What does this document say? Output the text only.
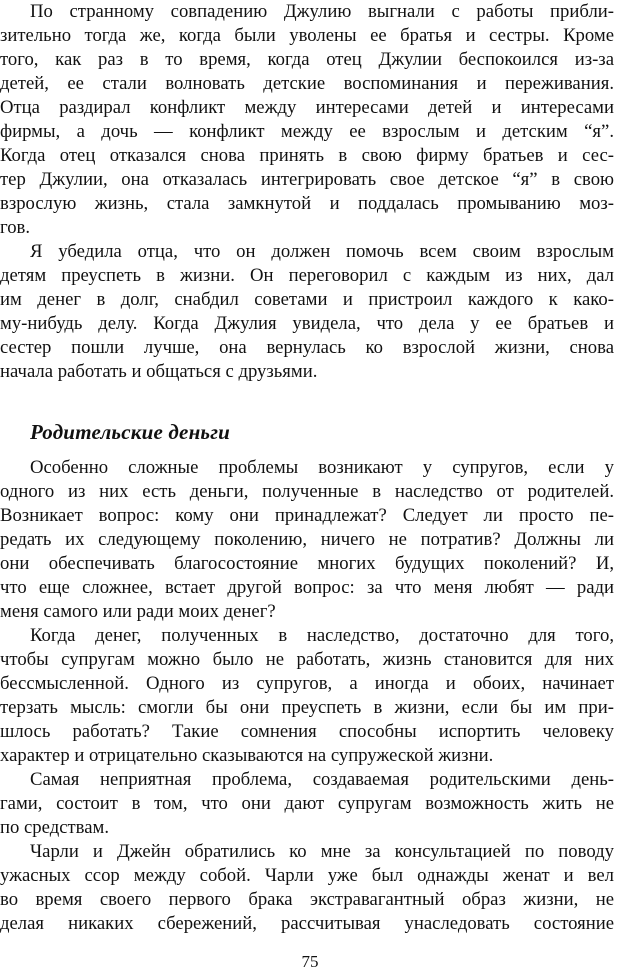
По странному совпадению Джулию выгнали с работы прибли-
зительно тогда же, когда были уволены ее братья и сестры. Кроме
того, как раз в то время, когда отец Джулии беспокоился из-за
детей, ее стали волновать детские воспоминания и переживания.
Отца раздирал конфликт между интересами детей и интересами
фирмы, а дочь — конфликт между ее взрослым и детским “я”.
Когда отец отказался снова принять в свою фирму братьев и сес-
тер Джулии, она отказалась интегрировать свое детское “я” в свою
взрослую жизнь, стала замкнутой и поддалась промыванию моз-
гов.
Я убедила отца, что он должен помочь всем своим взрослым
детям преуспеть в жизни. Он переговорил с каждым из них, дал
им денег в долг, снабдил советами и пристроил каждого к како-
му-нибудь делу. Когда Джулия увидела, что дела у ее братьев и
сестер пошли лучше, она вернулась ко взрослой жизни, снова
начала работать и общаться с друзьями.
Родительские деньги
Особенно сложные проблемы возникают у супругов, если у
одного из них есть деньги, полученные в наследство от родителей.
Возникает вопрос: кому они принадлежат? Следует ли просто пе-
редать их следующему поколению, ничего не потратив? Должны ли
они обеспечивать благосостояние многих будущих поколений? И,
что еще сложнее, встает другой вопрос: за что меня любят — ради
меня самого или ради моих денег?
Когда денег, полученных в наследство, достаточно для того,
чтобы супругам можно было не работать, жизнь становится для них
бессмысленной. Одного из супругов, а иногда и обоих, начинает
терзать мысль: смогли бы они преуспеть в жизни, если бы им при-
шлось работать? Такие сомнения способны испортить человеку
характер и отрицательно сказываются на супружеской жизни.
Самая неприятная проблема, создаваемая родительскими день-
гами, состоит в том, что они дают супругам возможность жить не
по средствам.
Чарли и Джейн обратились ко мне за консультацией по поводу
ужасных ссор между собой. Чарли уже был однажды женат и вел
во время своего первого брака экстравагантный образ жизни, не
делая никаких сбережений, рассчитывая унаследовать состояние
75
